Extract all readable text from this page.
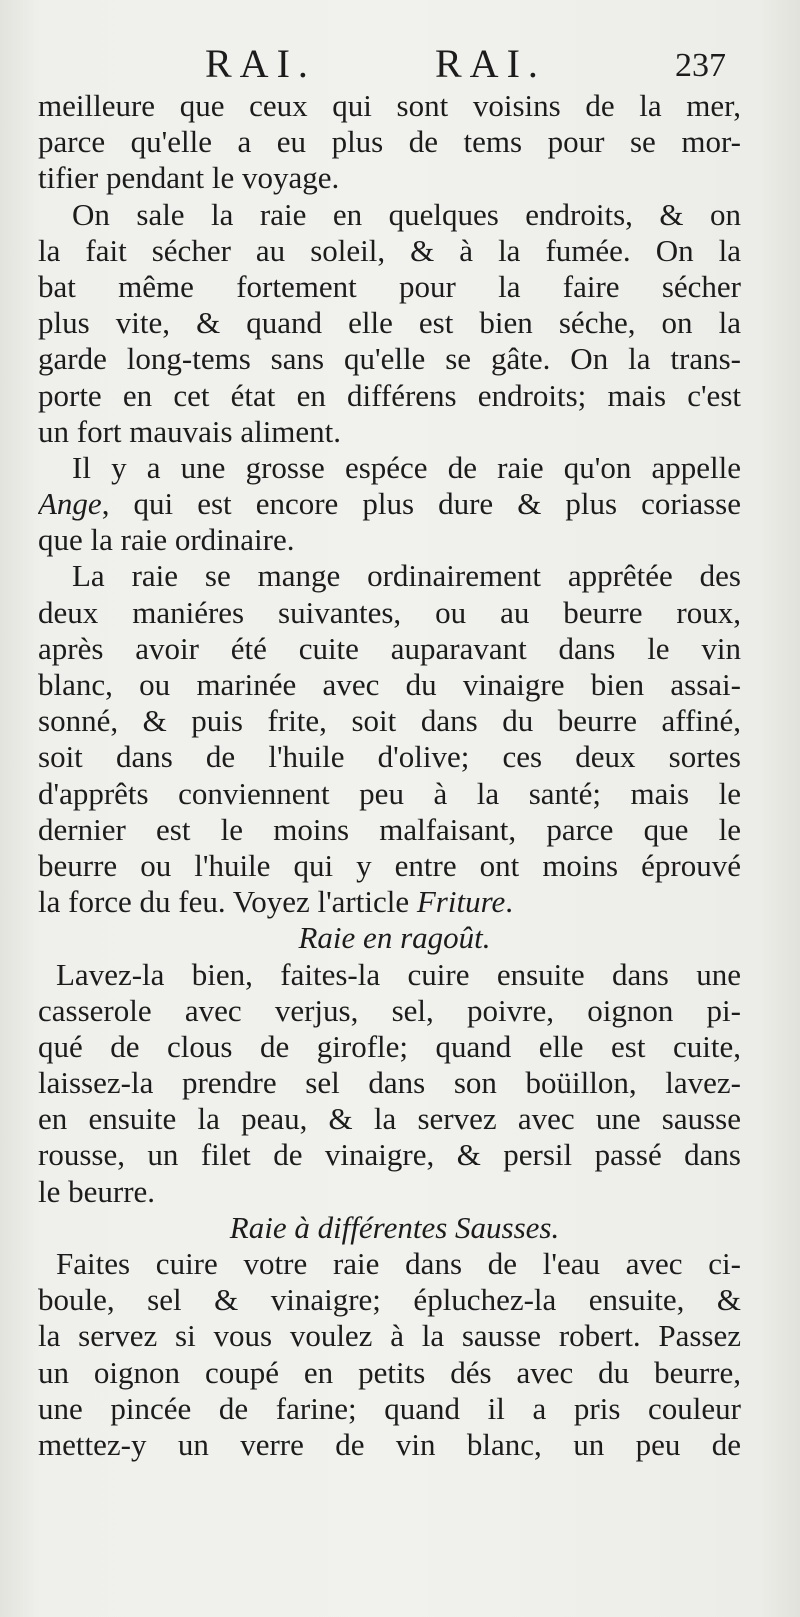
RAI.	RAI.	237
meilleure que ceux qui sont voisins de la mer,
parce qu'elle a eu plus de tems pour se mor-
tifier pendant le voyage.
On sale la raie en quelques endroits, & on
la fait sécher au soleil, & à la fumée. On la
bat même fortement pour la faire sécher
plus vite, & quand elle est bien séche, on la
garde long-tems sans qu'elle se gâte. On la trans-
porte en cet état en différens endroits; mais c'est
un fort mauvais aliment.
Il y a une grosse espéce de raie qu'on appelle
Ange, qui est encore plus dure & plus coriasse
que la raie ordinaire.
La raie se mange ordinairement apprêtée des
deux maniéres suivantes, ou au beurre roux,
après avoir été cuite auparavant dans le vin
blanc, ou marinée avec du vinaigre bien assai-
sonné, & puis frite, soit dans du beurre affiné,
soit dans de l'huile d'olive; ces deux sortes
d'apprêts conviennent peu à la santé; mais le
dernier est le moins malfaisant, parce que le
beurre ou l'huile qui y entre ont moins éprouvé
la force du feu. Voyez l'article Friture.
Raie en ragoût.
Lavez-la bien, faites-la cuire ensuite dans une
casserole avec verjus, sel, poivre, oignon pi-
qué de clous de girofle; quand elle est cuite,
laissez-la prendre sel dans son boüillon, lavez-
en ensuite la peau, & la servez avec une sausse
rousse, un filet de vinaigre, & persil passé dans
le beurre.
Raie à différentes Sausses.
Faites cuire votre raie dans de l'eau avec ci-
boule, sel & vinaigre; épluchez-la ensuite, &
la servez si vous voulez à la sausse robert. Passez
un oignon coupé en petits dés avec du beurre,
une pincée de farine; quand il a pris couleur
mettez-y un verre de vin blanc, un peu de
